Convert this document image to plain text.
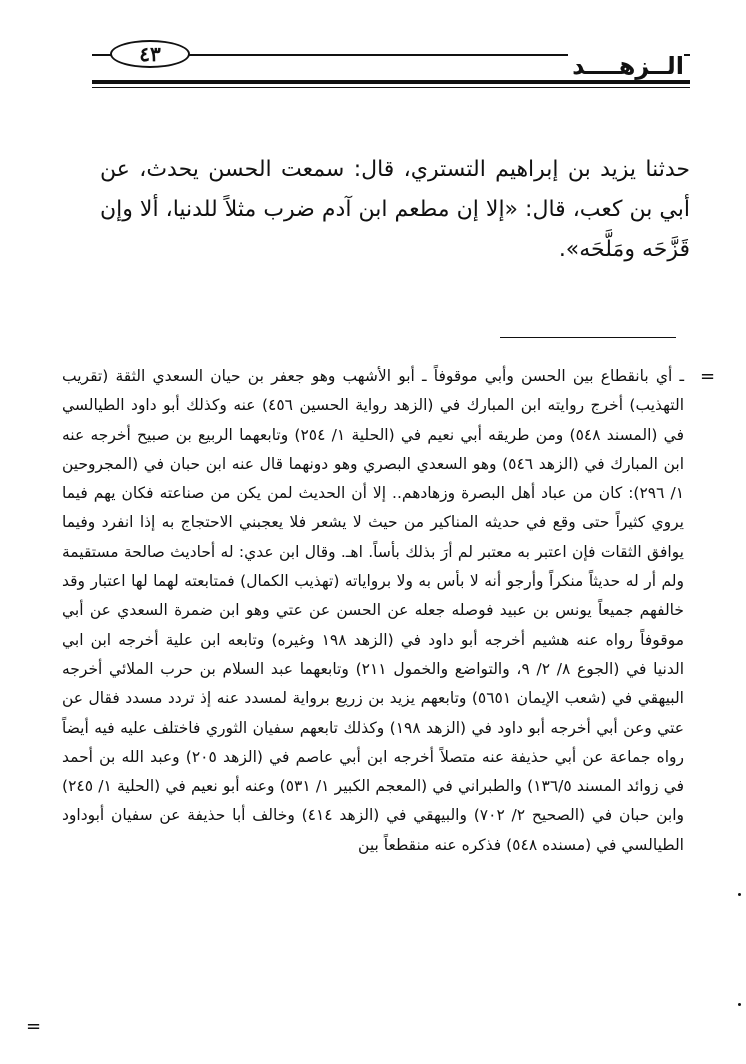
٤٣	الــزهــــد

حدثنا يزيد بن إبراهيم التستري، قال: سمعت الحسن يحدث، عن أبي بن كعب، قال: «إلا إن مطعم ابن آدم ضرب مثلاً للدنيا، ألا وإن قَزَّحَه ومَلَّحَه».

=

ـ أي بانقطاع بين الحسن وأبي موقوفاً ـ أبو الأشهب وهو جعفر بن حيان السعدي الثقة (تقريب التهذيب) أخرج روايته ابن المبارك في (الزهد رواية الحسين ٤٥٦) عنه وكذلك أبو داود الطيالسي في (المسند ٥٤٨) ومن طريقه أبي نعيم في (الحلية ١/ ٢٥٤) وتابعهما الربيع بن صبيح أخرجه عنه ابن المبارك في (الزهد ٥٤٦) وهو السعدي البصري وهو دونهما قال عنه ابن حبان في (المجروحين ١/ ٢٩٦): كان من عباد أهل البصرة وزهادهم.. إلا أن الحديث لمن يكن من صناعته فكان يهم فيما يروي كثيراً حتى وقع في حديثه المناكير من حيث لا يشعر فلا يعجبني الاحتجاج به إذا انفرد وفيما يوافق الثقات فإن اعتبر به معتبر لم أرَ بذلك بأساً. اهـ. وقال ابن عدي: له أحاديث صالحة مستقيمة ولم أر له حديثاً منكراً وأرجو أنه لا بأس به ولا برواياته (تهذيب الكمال) فمتابعته لهما لها اعتبار وقد خالفهم جميعاً يونس بن عبيد فوصله جعله عن الحسن عن عتي وهو ابن ضمرة السعدي عن أبي موقوفاً رواه عنه هشيم أخرجه أبو داود في (الزهد ١٩٨ وغيره) وتابعه ابن علية أخرجه ابن ابي الدنيا في (الجوع ٨/ ٢/ ٩، والتواضع والخمول ٢١١) وتابعهما عبد السلام بن حرب الملائي أخرجه البيهقي في (شعب الإيمان ٥٦٥١) وتابعهم يزيد بن زريع برواية لمسدد عنه إذ تردد مسدد فقال عن عتي وعن أبي أخرجه أبو داود في (الزهد ١٩٨) وكذلك تابعهم سفيان الثوري فاختلف عليه فيه أيضاً رواه جماعة عن أبي حذيفة عنه متصلاً أخرجه ابن أبي عاصم في (الزهد ٢٠٥) وعبد الله بن أحمد في زوائد المسند ١٣٦/٥) والطبراني في (المعجم الكبير ١/ ٥٣١) وعنه أبو نعيم في (الحلية ١/ ٢٤٥) وابن حبان في (الصحيح ٢/ ٧٠٢) والبيهقي في (الزهد ٤١٤) وخالف أبا حذيفة عن سفيان أبوداود الطيالسي في (مسنده ٥٤٨) فذكره عنه منقطعاً بين

=
